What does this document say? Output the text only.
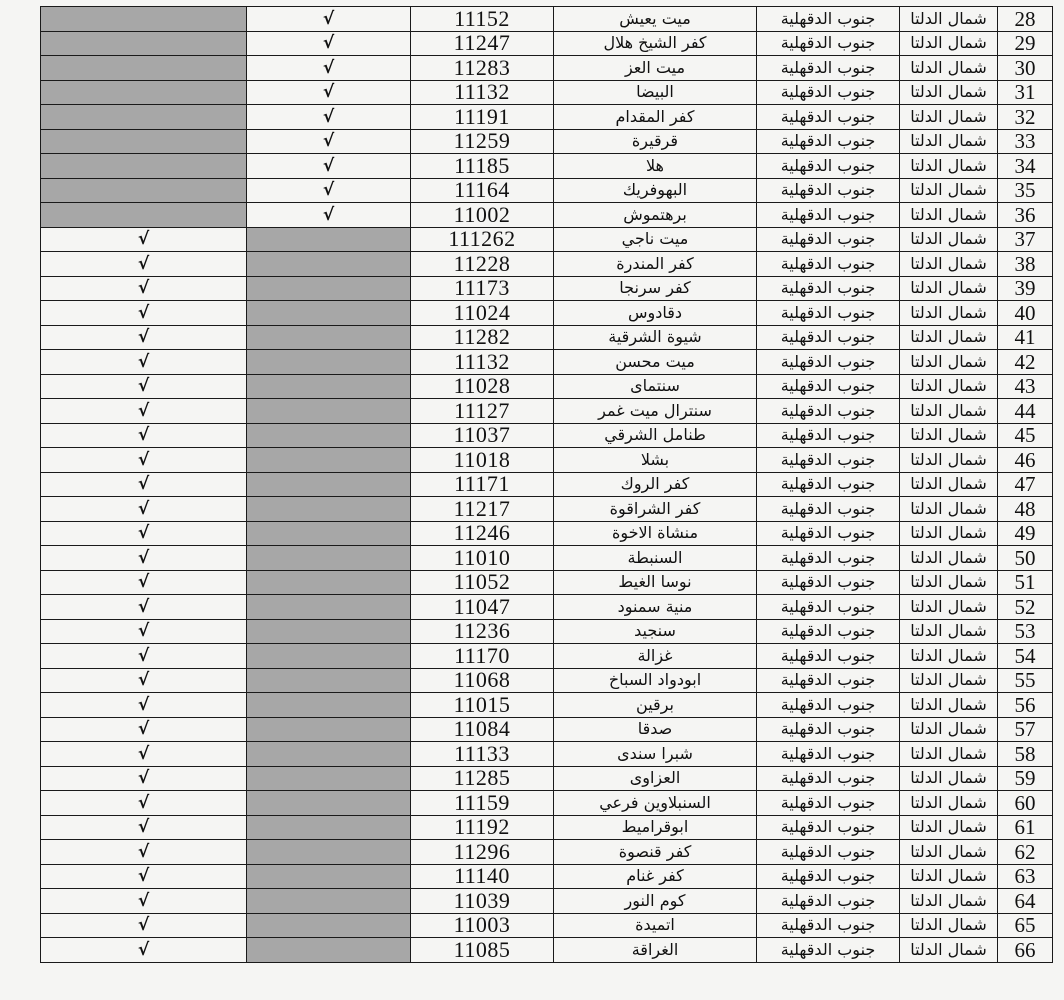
28	شمال الدلتا	جنوب الدقهلية	ميت يعيش	11152	√	
29	شمال الدلتا	جنوب الدقهلية	كفر الشيخ هلال	11247	√	
30	شمال الدلتا	جنوب الدقهلية	ميت العز	11283	√	
31	شمال الدلتا	جنوب الدقهلية	البيضا	11132	√	
32	شمال الدلتا	جنوب الدقهلية	كفر المقدام	11191	√	
33	شمال الدلتا	جنوب الدقهلية	قرقيرة	11259	√	
34	شمال الدلتا	جنوب الدقهلية	هلا	11185	√	
35	شمال الدلتا	جنوب الدقهلية	البهوفريك	11164	√	
36	شمال الدلتا	جنوب الدقهلية	برهتموش	11002	√	
37	شمال الدلتا	جنوب الدقهلية	ميت ناجي	111262		√
38	شمال الدلتا	جنوب الدقهلية	كفر المندرة	11228		√
39	شمال الدلتا	جنوب الدقهلية	كفر سرنجا	11173		√
40	شمال الدلتا	جنوب الدقهلية	دقادوس	11024		√
41	شمال الدلتا	جنوب الدقهلية	شيوة الشرقية	11282		√
42	شمال الدلتا	جنوب الدقهلية	ميت محسن	11132		√
43	شمال الدلتا	جنوب الدقهلية	سنتماى	11028		√
44	شمال الدلتا	جنوب الدقهلية	سنترال ميت غمر	11127		√
45	شمال الدلتا	جنوب الدقهلية	طنامل الشرقي	11037		√
46	شمال الدلتا	جنوب الدقهلية	بشلا	11018		√
47	شمال الدلتا	جنوب الدقهلية	كفر الروك	11171		√
48	شمال الدلتا	جنوب الدقهلية	كفر الشراقوة	11217		√
49	شمال الدلتا	جنوب الدقهلية	منشاة الاخوة	11246		√
50	شمال الدلتا	جنوب الدقهلية	السنبطة	11010		√
51	شمال الدلتا	جنوب الدقهلية	نوسا الغيط	11052		√
52	شمال الدلتا	جنوب الدقهلية	منية سمنود	11047		√
53	شمال الدلتا	جنوب الدقهلية	سنجيد	11236		√
54	شمال الدلتا	جنوب الدقهلية	غزالة	11170		√
55	شمال الدلتا	جنوب الدقهلية	ابودواد السباخ	11068		√
56	شمال الدلتا	جنوب الدقهلية	برقين	11015		√
57	شمال الدلتا	جنوب الدقهلية	صدقا	11084		√
58	شمال الدلتا	جنوب الدقهلية	شبرا سندى	11133		√
59	شمال الدلتا	جنوب الدقهلية	العزاوى	11285		√
60	شمال الدلتا	جنوب الدقهلية	السنبلاوين فرعي	11159		√
61	شمال الدلتا	جنوب الدقهلية	ابوقراميط	11192		√
62	شمال الدلتا	جنوب الدقهلية	كفر قنصوة	11296		√
63	شمال الدلتا	جنوب الدقهلية	كفر غنام	11140		√
64	شمال الدلتا	جنوب الدقهلية	كوم النور	11039		√
65	شمال الدلتا	جنوب الدقهلية	اتميدة	11003		√
66	شمال الدلتا	جنوب الدقهلية	الغراقة	11085		√
